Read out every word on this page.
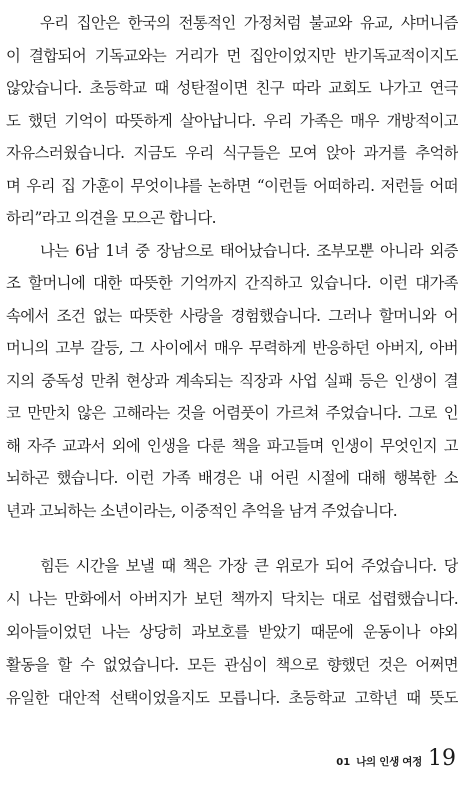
우리 집안은 한국의 전통적인 가정처럼 불교와 유교, 샤머니즘
이 결합되어 기독교와는 거리가 먼 집안이었지만 반기독교적이지도
않았습니다. 초등학교 때 성탄절이면 친구 따라 교회도 나가고 연극
도 했던 기억이 따뜻하게 살아납니다. 우리 가족은 매우 개방적이고
자유스러웠습니다. 지금도 우리 식구들은 모여 앉아 과거를 추억하
며 우리 집 가훈이 무엇이냐를 논하면 “이런들 어떠하리. 저런들 어떠
하리”라고 의견을 모으곤 합니다.
나는 6남 1녀 중 장남으로 태어났습니다. 조부모뿐 아니라 외증
조 할머니에 대한 따뜻한 기억까지 간직하고 있습니다. 이런 대가족
속에서 조건 없는 따뜻한 사랑을 경험했습니다. 그러나 할머니와 어
머니의 고부 갈등, 그 사이에서 매우 무력하게 반응하던 아버지, 아버
지의 중독성 만취 현상과 계속되는 직장과 사업 실패 등은 인생이 결
코 만만치 않은 고해라는 것을 어렴풋이 가르쳐 주었습니다. 그로 인
해 자주 교과서 외에 인생을 다룬 책을 파고들며 인생이 무엇인지 고
뇌하곤 했습니다. 이런 가족 배경은 내 어린 시절에 대해 행복한 소
년과 고뇌하는 소년이라는, 이중적인 추억을 남겨 주었습니다.
힘든 시간을 보낼 때 책은 가장 큰 위로가 되어 주었습니다. 당
시 나는 만화에서 아버지가 보던 책까지 닥치는 대로 섭렵했습니다.
외아들이었던 나는 상당히 과보호를 받았기 때문에 운동이나 야외
활동을 할 수 없었습니다. 모든 관심이 책으로 향했던 것은 어쩌면
유일한 대안적 선택이었을지도 모릅니다. 초등학교 고학년 때 뜻도
01 나의 인생 여정 19
